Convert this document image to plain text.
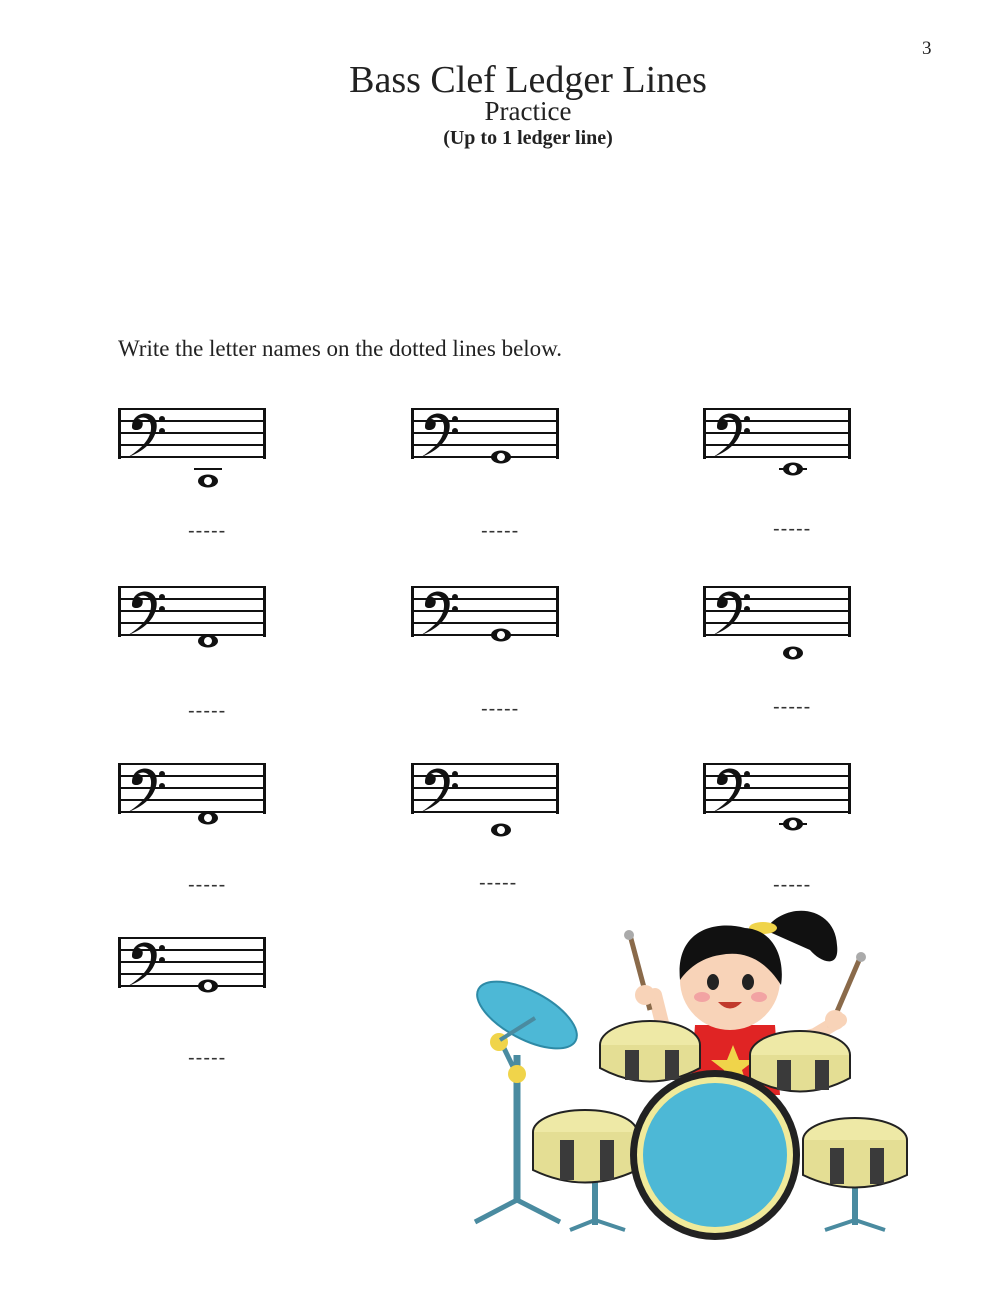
3
Bass Clef Ledger Lines
Practice
(Up to 1 ledger line)
Write the letter names on the dotted lines below.
-----	-----	-----
-----	-----	-----
-----	-----	-----
-----
